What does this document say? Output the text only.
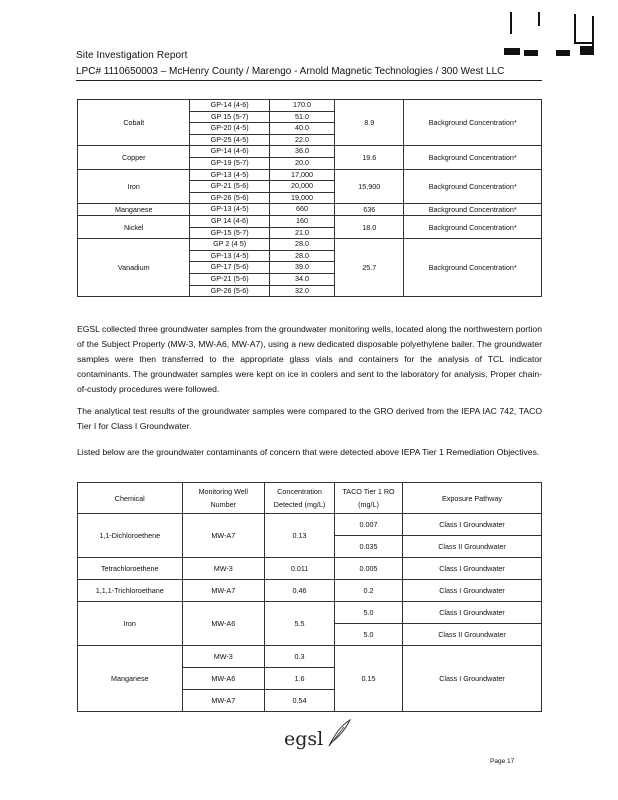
Site Investigation Report
LPC# 1110650003 – McHenry County / Marengo - Arnold Magnetic Technologies / 300 West LLC
Cobalt	GP-14 (4-6)	170.0	8.9	Background Concentration*
	GP 15 (5-7)	51.0		
	GP-20 (4-5)	40.0		
	GP-25 (4-5)	22.0		
Copper	GP-14 (4-6)	36.0	19.6	Background Concentration*
	GP-19 (5-7)	20.0		
Iron	GP-13 (4-5)	17,000	15,900	Background Concentration*
	GP-21 (5-6)	20,000		
	GP-26 (5-6)	19,000		
Manganese	GP-13 (4-5)	660	636	Background Concentration*
Nickel	GP 14 (4-6)	160	18.0	Background Concentration*
	GP-15 (5-7)	21.0		
Vanadium	GP 2 (4 5)	28.0	25.7	Background Concentration*
	GP-13 (4-5)	28.0		
	GP-17 (5-6)	39.0		
	GP-21 (5-6)	34.0		
	GP-26 (5-6)	32.0		

EGSL collected three groundwater samples from the groundwater monitoring wells, located along the northwestern portion of the Subject Property (MW-3, MW-A6, MW-A7), using a new dedicated disposable polyethylene bailer. The groundwater samples were then transferred to the appropriate glass vials and containers for the analysis of TCL indicator contaminants. The groundwater samples were kept on ice in coolers and sent to the laboratory for analysis. Proper chain-of-custody procedures were followed.

The analytical test results of the groundwater samples were compared to the GRO derived from the IEPA IAC 742, TACO Tier I for Class I Groundwater.

Listed below are the groundwater contaminants of concern that were detected above IEPA Tier 1 Remediation Objectives.

Chemical	Monitoring Well Number	Concentration Detected (mg/L)	TACO Tier 1 RO (mg/L)	Exposure Pathway
1,1-Dichloroethene	MW-A7	0.13	0.007	Class I Groundwater
			0.035	Class II Groundwater
Tetrachloroethene	MW-3	0.011	0.005	Class I Groundwater
1,1,1-Trichloroethane	MW-A7	0.46	0.2	Class I Groundwater
Iron	MW-A6	5.5	5.0	Class I Groundwater
			5.0	Class II Groundwater
Manganese	MW-3	0.3	0.15	Class I Groundwater
	MW-A6	1.6		
	MW-A7	0.54		
egsl
Page 17
